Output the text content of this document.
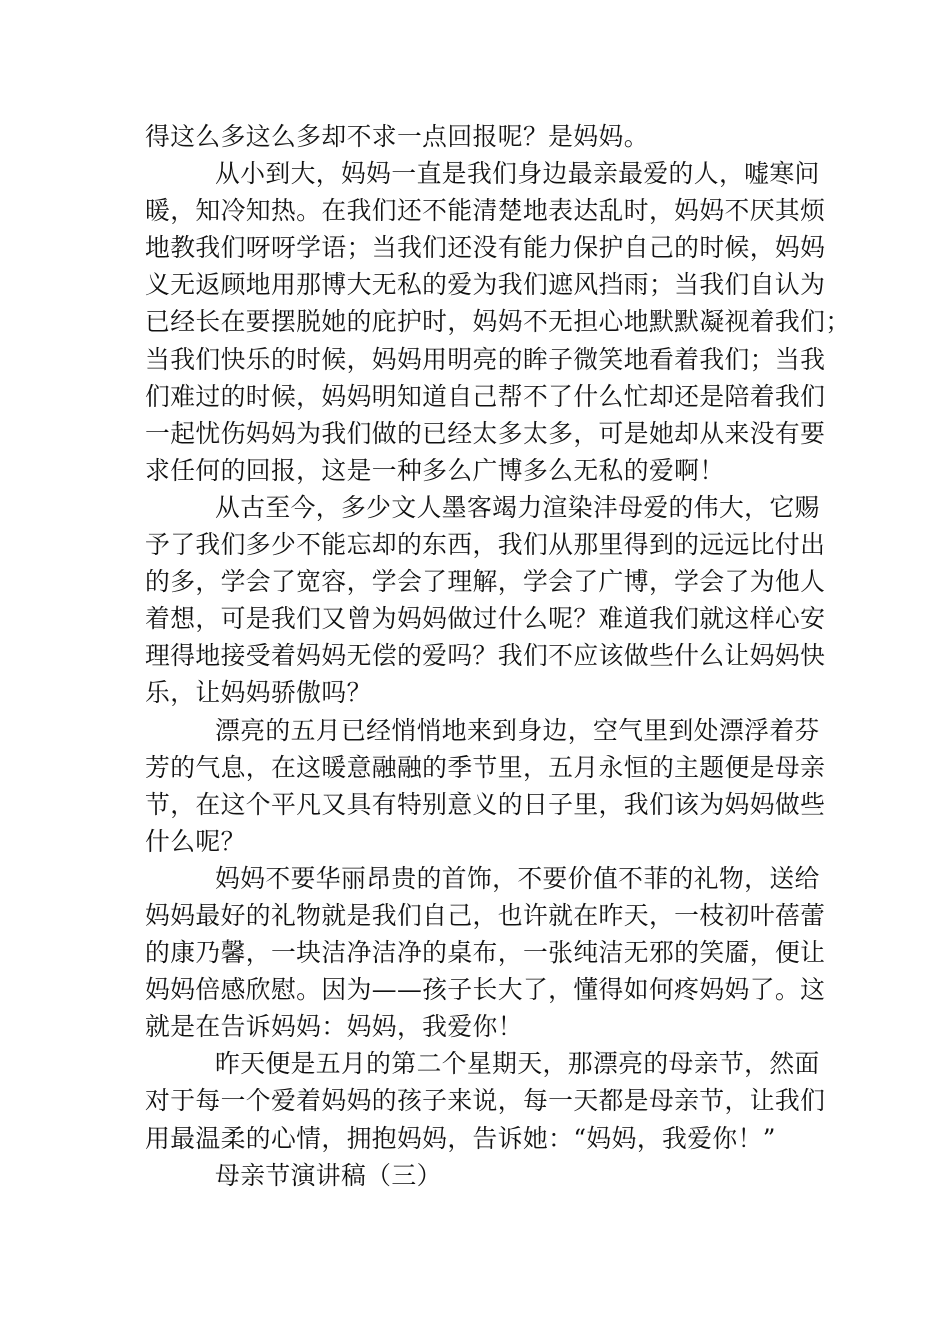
得这么多这么多却不求一点回报呢？是妈妈。
从小到大，妈妈一直是我们身边最亲最爱的人，嘘寒问
暖，知冷知热。在我们还不能清楚地表达乱时，妈妈不厌其烦
地教我们呀呀学语；当我们还没有能力保护自己的时候，妈妈
义无返顾地用那博大无私的爱为我们遮风挡雨；当我们自认为
已经长在要摆脱她的庇护时，妈妈不无担心地默默凝视着我们；
当我们快乐的时候，妈妈用明亮的眸子微笑地看着我们；当我
们难过的时候，妈妈明知道自己帮不了什么忙却还是陪着我们
一起忧伤妈妈为我们做的已经太多太多，可是她却从来没有要
求任何的回报，这是一种多么广博多么无私的爱啊！
从古至今，多少文人墨客竭力渲染沣母爱的伟大，它赐
予了我们多少不能忘却的东西，我们从那里得到的远远比付出
的多，学会了宽容，学会了理解，学会了广博，学会了为他人
着想，可是我们又曾为妈妈做过什么呢？难道我们就这样心安
理得地接受着妈妈无偿的爱吗？我们不应该做些什么让妈妈快
乐，让妈妈骄傲吗？
漂亮的五月已经悄悄地来到身边，空气里到处漂浮着芬
芳的气息，在这暖意融融的季节里，五月永恒的主题便是母亲
节，在这个平凡又具有特别意义的日子里，我们该为妈妈做些
什么呢？
妈妈不要华丽昂贵的首饰，不要价值不菲的礼物，送给
妈妈最好的礼物就是我们自己，也许就在昨天，一枝初叶蓓蕾
的康乃馨，一块洁净洁净的桌布，一张纯洁无邪的笑靥，便让
妈妈倍感欣慰。因为——孩子长大了，懂得如何疼妈妈了。这
就是在告诉妈妈：妈妈，我爱你！
昨天便是五月的第二个星期天，那漂亮的母亲节，然面
对于每一个爱着妈妈的孩子来说，每一天都是母亲节，让我们
用最温柔的心情，拥抱妈妈，告诉她：“妈妈，我爱你！”
母亲节演讲稿（三）
